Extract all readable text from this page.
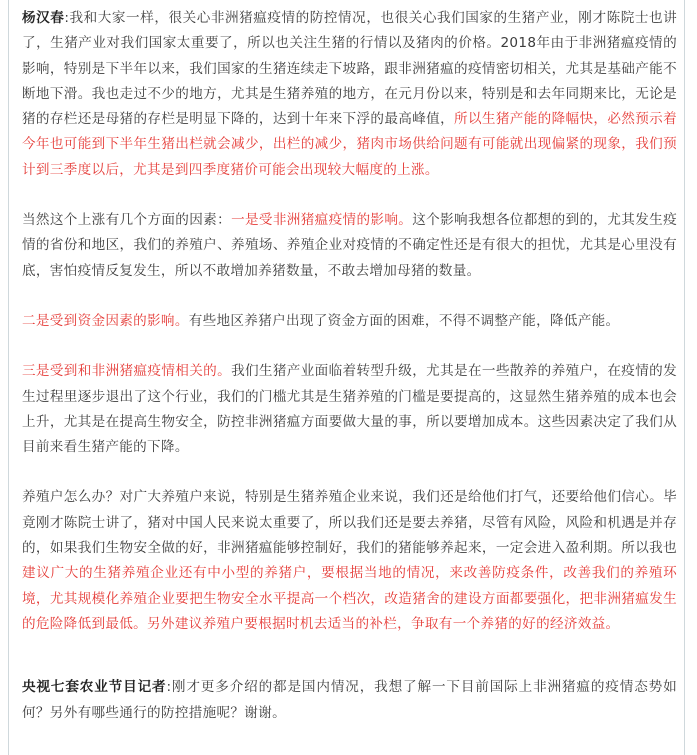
杨汉春:我和大家一样，很关心非洲猪瘟疫情的防控情况，也很关心我们国家的生猪产业，刚才陈院士也讲了，生猪产业对我们国家太重要了，所以也关注生猪的行情以及猪肉的价格。2018年由于非洲猪瘟疫情的影响，特别是下半年以来，我们国家的生猪连续走下坡路，跟非洲猪瘟的疫情密切相关，尤其是基础产能不断地下滑。我也走过不少的地方，尤其是生猪养殖的地方，在元月份以来，特别是和去年同期来比，无论是猪的存栏还是母猪的存栏是明显下降的，达到十年来下浮的最高峰值，所以生猪产能的降幅快，必然预示着今年也可能到下半年生猪出栏就会减少，出栏的减少，猪肉市场供给问题有可能就出现偏紧的现象，我们预计到三季度以后，尤其是到四季度猪价可能会出现较大幅度的上涨。

当然这个上涨有几个方面的因素：一是受非洲猪瘟疫情的影响。这个影响我想各位都想的到的，尤其发生疫情的省份和地区，我们的养殖户、养殖场、养殖企业对疫情的不确定性还是有很大的担忧，尤其是心里没有底，害怕疫情反复发生，所以不敢增加养猪数量，不敢去增加母猪的数量。

二是受到资金因素的影响。有些地区养猪户出现了资金方面的困难，不得不调整产能，降低产能。

三是受到和非洲猪瘟疫情相关的。我们生猪产业面临着转型升级，尤其是在一些散养的养殖户，在疫情的发生过程里逐步退出了这个行业，我们的门槛尤其是生猪养殖的门槛是要提高的，这显然生猪养殖的成本也会上升，尤其是在提高生物安全，防控非洲猪瘟方面要做大量的事，所以要增加成本。这些因素决定了我们从目前来看生猪产能的下降。

养殖户怎么办？对广大养殖户来说，特别是生猪养殖企业来说，我们还是给他们打气，还要给他们信心。毕竟刚才陈院士讲了，猪对中国人民来说太重要了，所以我们还是要去养猪，尽管有风险，风险和机遇是并存的，如果我们生物安全做的好，非洲猪瘟能够控制好，我们的猪能够养起来，一定会进入盈利期。所以我也建议广大的生猪养殖企业还有中小型的养猪户，要根据当地的情况，来改善防疫条件，改善我们的养殖环境，尤其规模化养殖企业要把生物安全水平提高一个档次，改造猪舍的建设方面都要强化，把非洲猪瘟发生的危险降低到最低。另外建议养殖户要根据时机去适当的补栏，争取有一个养猪的好的经济效益。

央视七套农业节目记者:刚才更多介绍的都是国内情况，我想了解一下目前国际上非洲猪瘟的疫情态势如何？另外有哪些通行的防控措施呢？谢谢。
